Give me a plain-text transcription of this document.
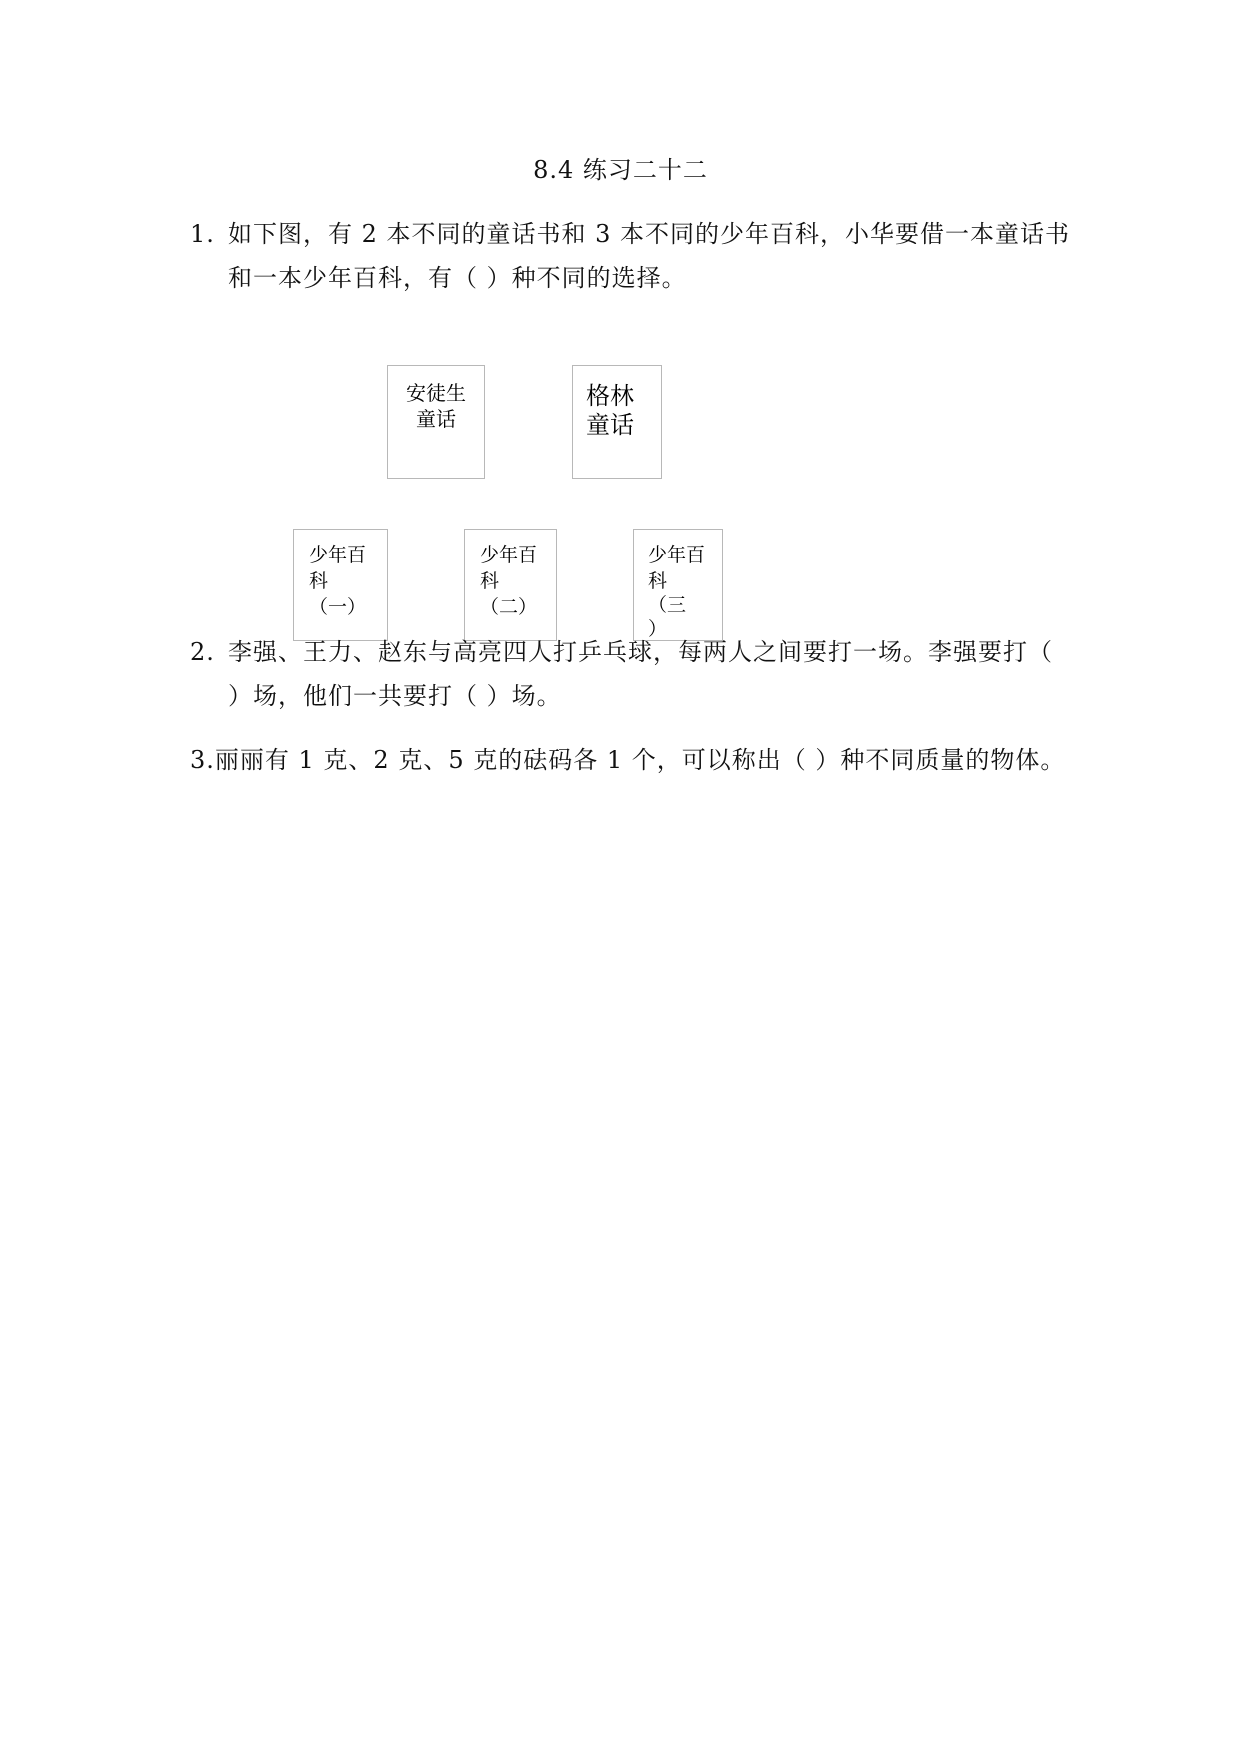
8.4 练习二十二
1. 如下图，有 2 本不同的童话书和 3 本不同的少年百科，小华要借一本童话书
和一本少年百科，有（ ）种不同的选择。
安徒生
童话
格林
童话
少年百
科
（一）
少年百
科
（二）
少年百
科
（三
）
2. 李强、王力、赵东与高亮四人打乒乓球，每两人之间要打一场。李强要打（
）场，他们一共要打（ ）场。
3.丽丽有 1 克、2 克、5 克的砝码各 1 个，可以称出（ ）种不同质量的物体。
